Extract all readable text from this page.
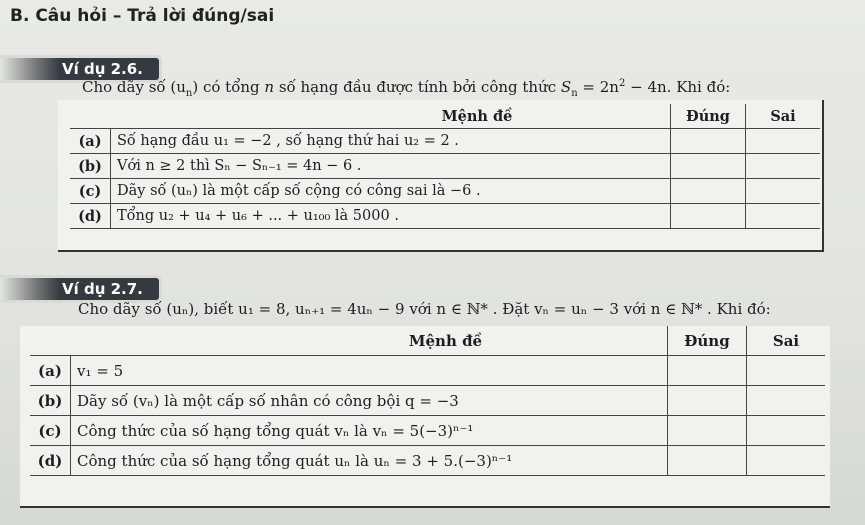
B. Câu hỏi – Trả lời đúng/sai
Ví dụ 2.6.
Cho dãy số $(u_n)$ có tổng n số hạng đầu được tính bởi công thức $S_n = 2n^2 - 4n$. Khi đó:
Mệnh đề		Đúng	Sai
(a)	Số hạng đầu u₁ = −2 , số hạng thứ hai u₂ = 2 .		
(b)	Với n ≥ 2 thì Sₙ − Sₙ₋₁ = 4n − 6 .		
(c)	Dãy số (uₙ) là một cấp số cộng có công sai là −6 .		
(d)	Tổng u₂ + u₄ + u₆ + ... + u₁₀₀ là 5000 .		
Ví dụ 2.7.
Cho dãy số (uₙ), biết u₁ = 8, uₙ₊₁ = 4uₙ − 9 với n ∈ ℕ* . Đặt vₙ = uₙ − 3 với n ∈ ℕ* . Khi đó:
Mệnh đề		Đúng	Sai
(a)	v₁ = 5		
(b)	Dãy số (vₙ) là một cấp số nhân có công bội q = −3		
(c)	Công thức của số hạng tổng quát vₙ là vₙ = 5(−3)ⁿ⁻¹		
(d)	Công thức của số hạng tổng quát uₙ là uₙ = 3 + 5.(−3)ⁿ⁻¹		
